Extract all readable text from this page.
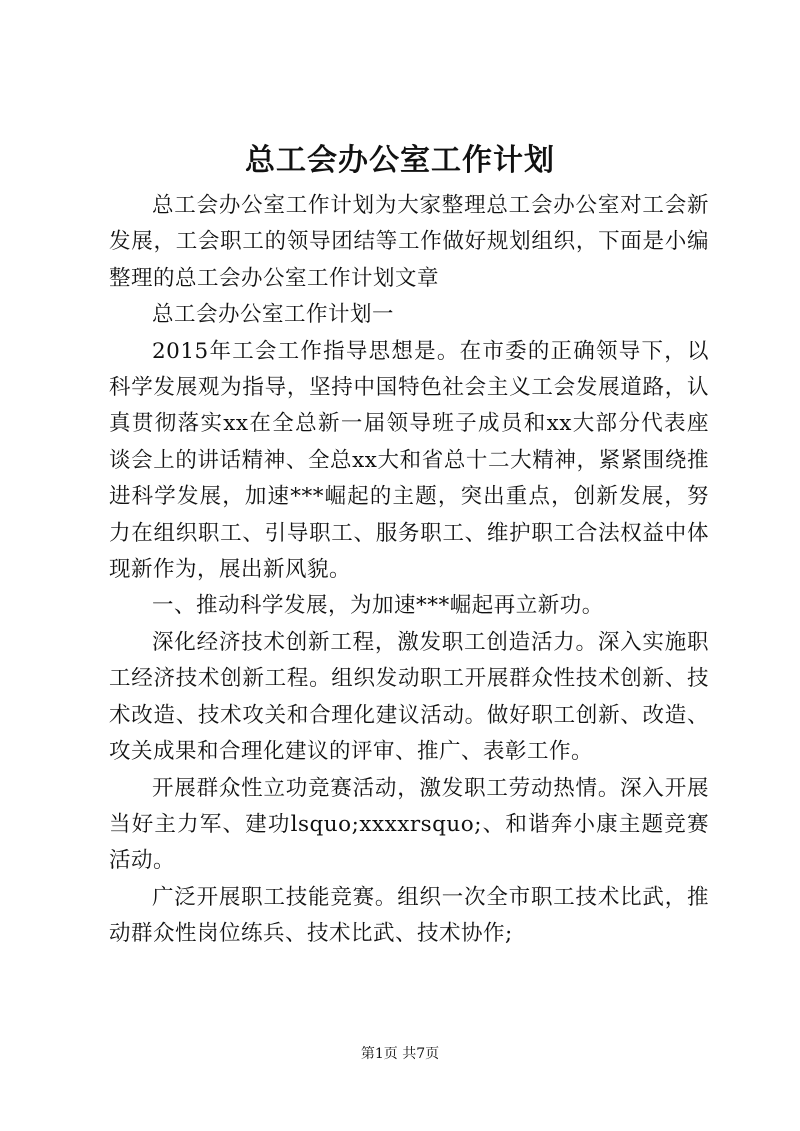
总工会办公室工作计划

总工会办公室工作计划为大家整理总工会办公室对工会新发展，工会职工的领导团结等工作做好规划组织，下面是小编整理的总工会办公室工作计划文章

总工会办公室工作计划一

2015年工会工作指导思想是。在市委的正确领导下，以科学发展观为指导，坚持中国特色社会主义工会发展道路，认真贯彻落实xx在全总新一届领导班子成员和xx大部分代表座谈会上的讲话精神、全总xx大和省总十二大精神，紧紧围绕推进科学发展，加速***崛起的主题，突出重点，创新发展，努力在组织职工、引导职工、服务职工、维护职工合法权益中体现新作为，展出新风貌。

一、推动科学发展，为加速***崛起再立新功。

深化经济技术创新工程，激发职工创造活力。深入实施职工经济技术创新工程。组织发动职工开展群众性技术创新、技术改造、技术攻关和合理化建议活动。做好职工创新、改造、攻关成果和合理化建议的评审、推广、表彰工作。

开展群众性立功竞赛活动，激发职工劳动热情。深入开展当好主力军、建功lsquo;xxxxrsquo;、和谐奔小康主题竞赛活动。

广泛开展职工技能竞赛。组织一次全市职工技术比武，推动群众性岗位练兵、技术比武、技术协作;

第1页 共7页
